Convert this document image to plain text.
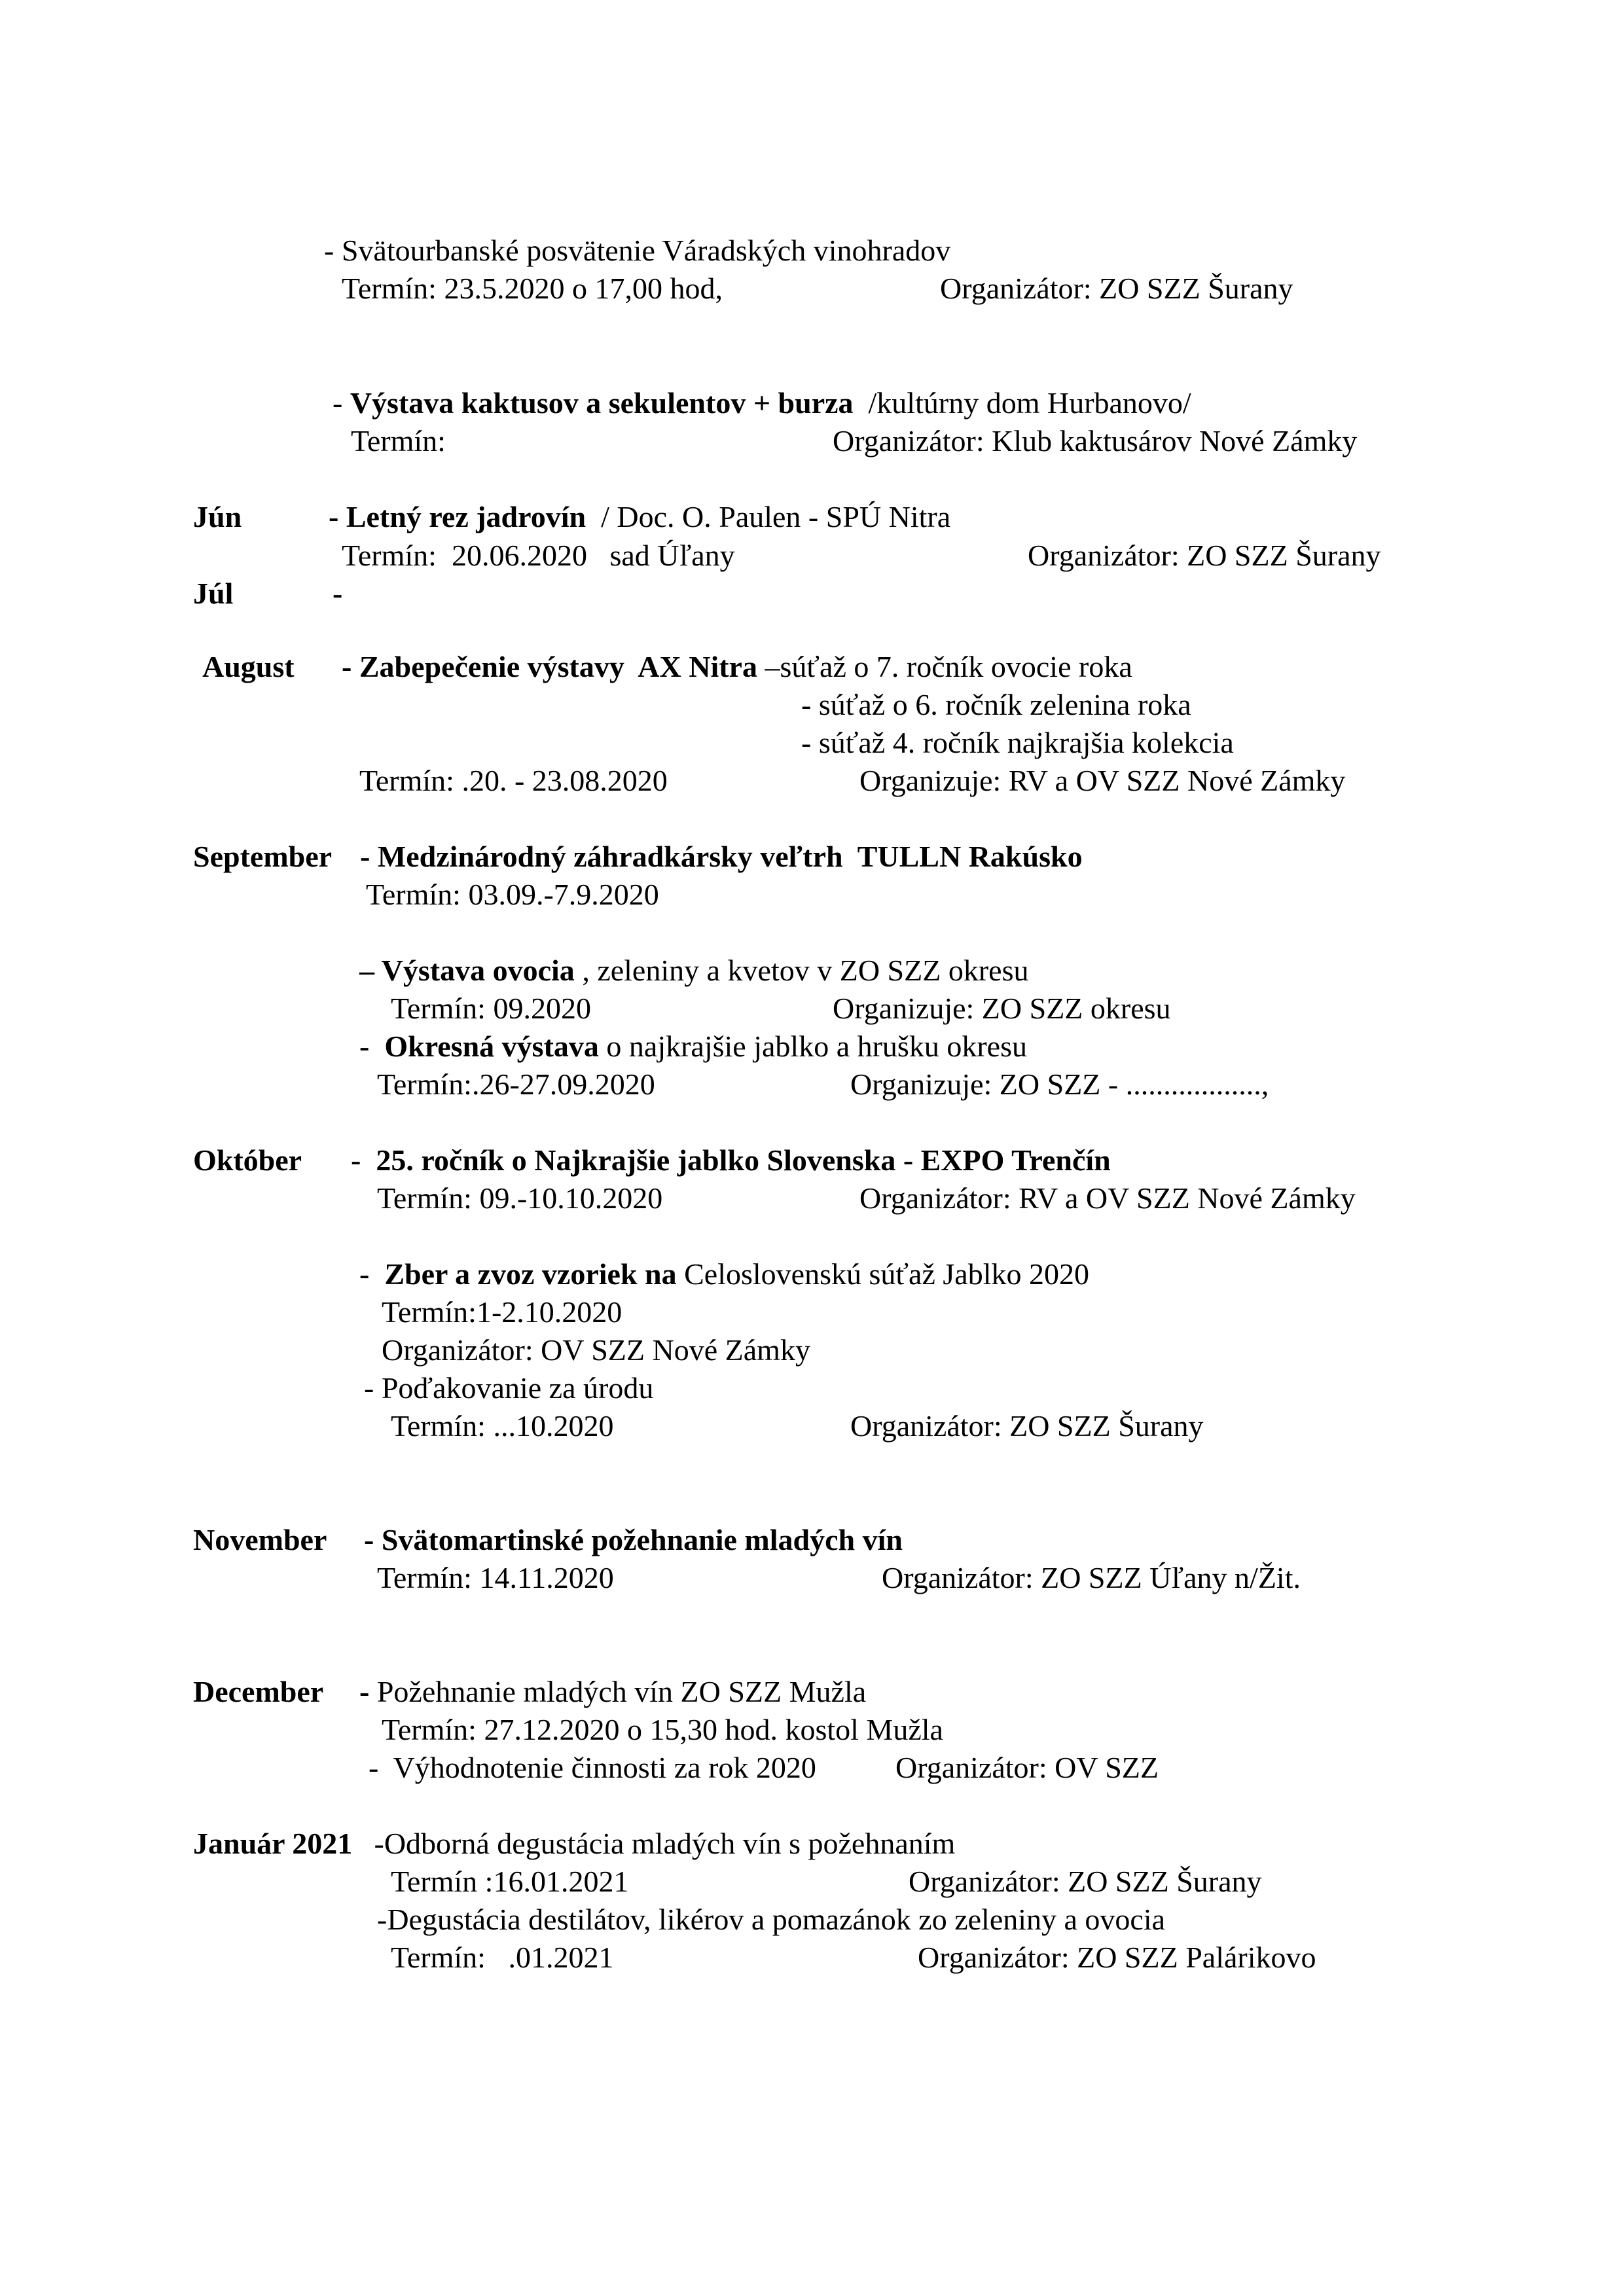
- Svätourbanské posvätenie Váradských vinohradov
Termín: 23.5.2020 o 17,00 hod,	Organizátor: ZO SZZ Šurany
- Výstava kaktusov a sekulentov + burza  /kultúrny dom Hurbanovo/
Termín:	Organizátor: Klub kaktusárov Nové Zámky
Jún	- Letný rez jadrovín  / Doc. O. Paulen - SPÚ Nitra
Termín:  20.06.2020   sad Úľany	Organizátor: ZO SZZ Šurany
Júl	-
August - Zabepečenie výstavy  AX Nitra –súťaž o 7. ročník ovocie roka
- súťaž o 6. ročník zelenina roka
- súťaž 4. ročník najkrajšia kolekcia
Termín: .20. - 23.08.2020	Organizuje: RV a OV SZZ Nové Zámky
September - Medzinárodný záhradkársky veľtrh  TULLN Rakúsko
Termín: 03.09.-7.9.2020
– Výstava ovocia , zeleniny a kvetov v ZO SZZ okresu
Termín: 09.2020	Organizuje: ZO SZZ okresu
-  Okresná výstava o najkrajšie jablko a hrušku okresu
Termín:.26-27.09.2020	Organizuje: ZO SZZ - ..................,
Október -  25. ročník o Najkrajšie jablko Slovenska - EXPO Trenčín
Termín: 09.-10.10.2020	Organizátor: RV a OV SZZ Nové Zámky
-  Zber a zvoz vzoriek na Celoslovenskú súťaž Jablko 2020
Termín:1-2.10.2020
Organizátor: OV SZZ Nové Zámky
- Poďakovanie za úrodu
Termín: ...10.2020	Organizátor: ZO SZZ Šurany
November - Svätomartinské požehnanie mladých vín
Termín: 14.11.2020	Organizátor: ZO SZZ Úľany n/Žit.
December - Požehnanie mladých vín ZO SZZ Mužla
Termín: 27.12.2020 o 15,30 hod. kostol Mužla
-  Výhodnotenie činnosti za rok 2020	Organizátor: OV SZZ
Január 2021 -Odborná degustácia mladých vín s požehnaním
Termín :16.01.2021	Organizátor: ZO SZZ Šurany
-Degustácia destilátov, likérov a pomazánok zo zeleniny a ovocia
Termín:   .01.2021	Organizátor: ZO SZZ Palárikovo
